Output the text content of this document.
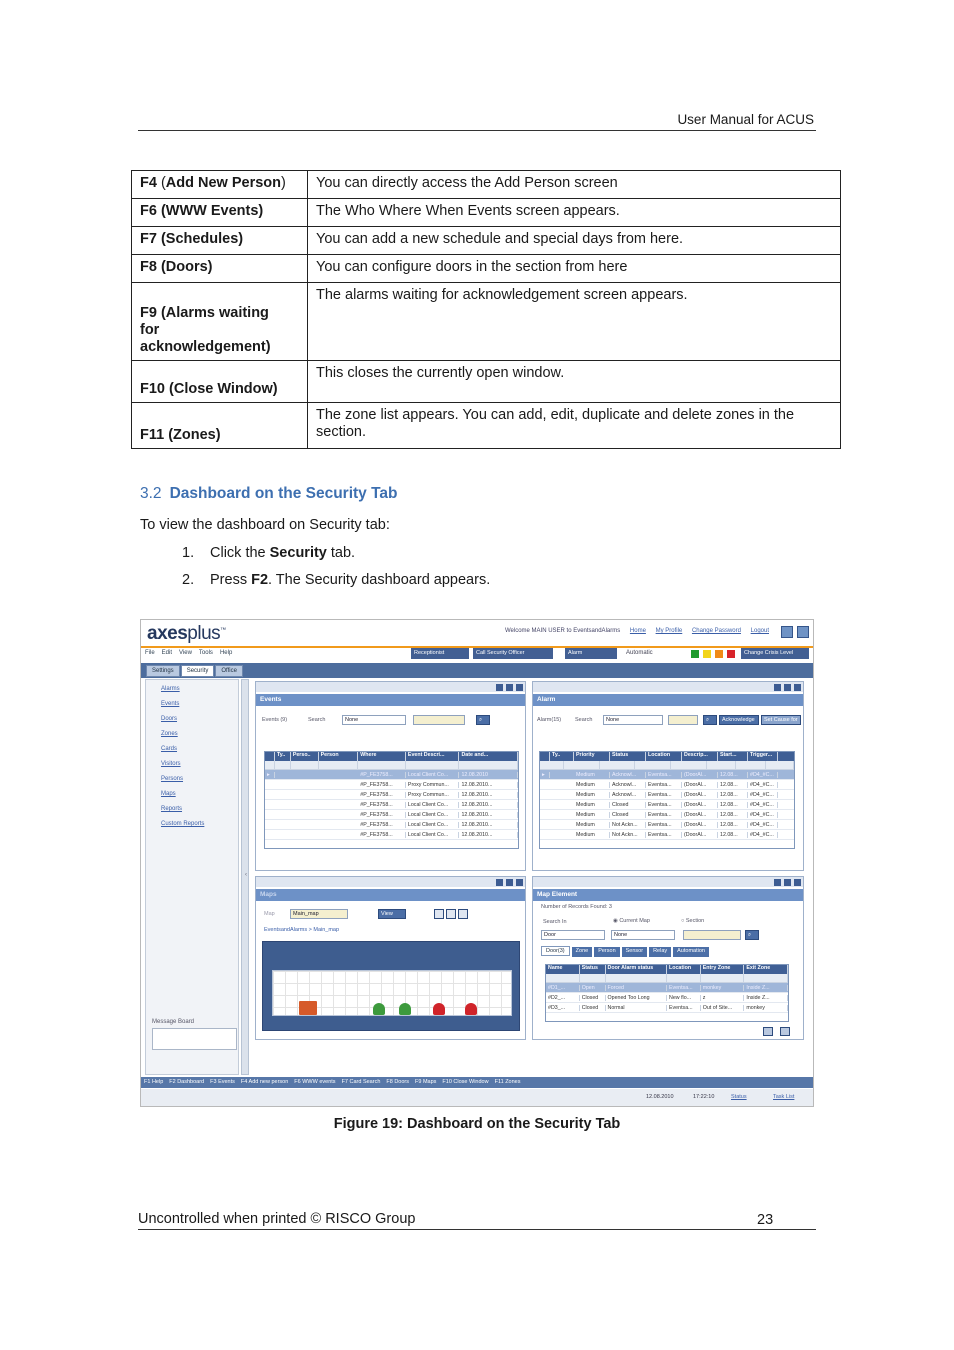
User Manual for ACUS
F4 (Add New Person)	You can directly access the Add Person screen
F6 (WWW Events)	The Who Where When Events screen appears.
F7 (Schedules)	You can add a new schedule and special days from here.
F8 (Doors)	You can configure doors in the section from here

F9 (Alarms waiting
for
acknowledgement)	The alarms waiting for acknowledgement screen appears.
F10 (Close Window)	This closes the currently open window.
F11 (Zones)	The zone list appears. You can add, edit, duplicate and delete zones in the section.
3.2 Dashboard on the Security Tab
To view the dashboard on Security tab:
1. Click the Security tab.
2. Press F2. The Security dashboard appears.
axesplus™	Welcome MAIN USER to EventsandAlarms Home My Profile Change Password Logout
File Edit View Tools Help	Receptionist	Call Security Officer	Alarm	Automatic	Change Crisis Level
Settings Security Office
Alarms
Events
Doors
Zones
Cards
Visitors
Persons
Maps
Reports
Custom Reports
Message Board
Events
Events (9)	Search	None	⌕
Ty..	Perso..	Person	Where	Event Descri...	Date and...
▸	#P_FE3758...	Local Client Co...	12.08.2010
#P_FE3758...	Proxy Commun...	12.08.2010...
#P_FE3758...	Proxy Commun...	12.08.2010...
#P_FE3758...	Local Client Co...	12.08.2010...
#P_FE3758...	Local Client Co...	12.08.2010...
#P_FE3758...	Local Client Co...	12.08.2010...
#P_FE3758...	Local Client Co...	12.08.2010...
Alarm
Alarm(15)	Search	None	⌕	Acknowledge	Set Cause for
Ty..	Priority	Status	Location	Descrip...	Start...	Trigger...
▸	Medium	Acknowl...	Eventsa...	(DoorAl...	12.08...	#D4_#C...
Medium	Acknowl...	Eventsa...	(DoorAl...	12.08...	#D4_#C...
Medium	Acknowl...	Eventsa...	(DoorAl...	12.08...	#D4_#C...
Medium	Closed	Eventsa...	(DoorAl...	12.08...	#D4_#C...
Medium	Closed	Eventsa...	(DoorAl...	12.08...	#D4_#C...
Medium	Not Ackn...	Eventsa...	(DoorAl...	12.08...	#D4_#C...
Medium	Not Ackn...	Eventsa...	(DoorAl...	12.08...	#D4_#C...
‹
Maps
Map	Main_map	View
EventsandAlarms > Main_map
Map Element
Number of Records Found: 3
Search In	◉ Current Map	○ Section
Door	None	⌕
Door(3) Zone Person Sensor Relay Automation
Name	Status	Door Alarm status	Location	Entry Zone	Exit Zone
#D1_...	Open	Forced	Eventsa...	monkey	Inside Z...
#D2_...	Closed	Opened Too Long	New flo...	z	Inside Z...
#D3_...	Closed	Normal	Eventsa...	Out of Site...	monkey
F1 Help F2 Dashboard F3 Events F4 Add new person F6 WWW events F7 Card Search F8 Doors F9 Maps F10 Close Window F11 Zones
12.08.2010	17:22:10	Status	Task List
Figure 19: Dashboard on the Security Tab
Uncontrolled when printed © RISCO Group	23
